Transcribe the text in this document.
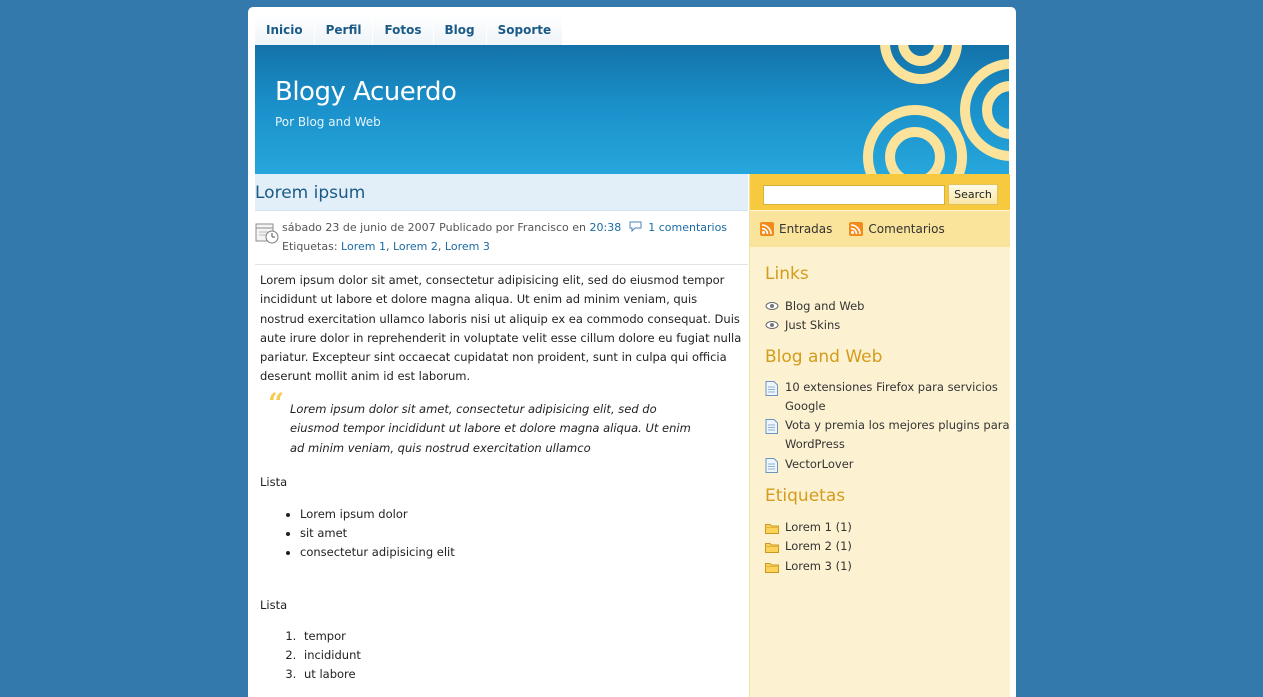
Inicio	Perfil	Fotos	Blog	Soporte
Blogy Acuerdo
Por Blog and Web
Lorem ipsum
sábado 23 de junio de 2007 Publicado por Francisco en 20:38 1 comentarios
Etiquetas: Lorem 1, Lorem 2, Lorem 3

Lorem ipsum dolor sit amet, consectetur adipisicing elit, sed do eiusmod tempor incididunt ut labore et dolore magna aliqua. Ut enim ad minim veniam, quis nostrud exercitation ullamco laboris nisi ut aliquip ex ea commodo consequat. Duis aute irure dolor in reprehenderit in voluptate velit esse cillum dolore eu fugiat nulla pariatur. Excepteur sint occaecat cupidatat non proident, sunt in culpa qui officia deserunt mollit anim id est laborum.

“ Lorem ipsum dolor sit amet, consectetur adipisicing elit, sed do eiusmod tempor incididunt ut labore et dolore magna aliqua. Ut enim ad minim veniam, quis nostrud exercitation ullamco
Lista
• Lorem ipsum dolor
• sit amet
• consectetur adipisicing elit
Lista
1. tempor
2. incididunt
3. ut labore
Search
Entradas	Comentarios
Links
Blog and Web
Just Skins
Blog and Web
10 extensiones Firefox para servicios Google
Vota y premia los mejores plugins para WordPress
VectorLover
Etiquetas
Lorem 1 (1)
Lorem 2 (1)
Lorem 3 (1)
